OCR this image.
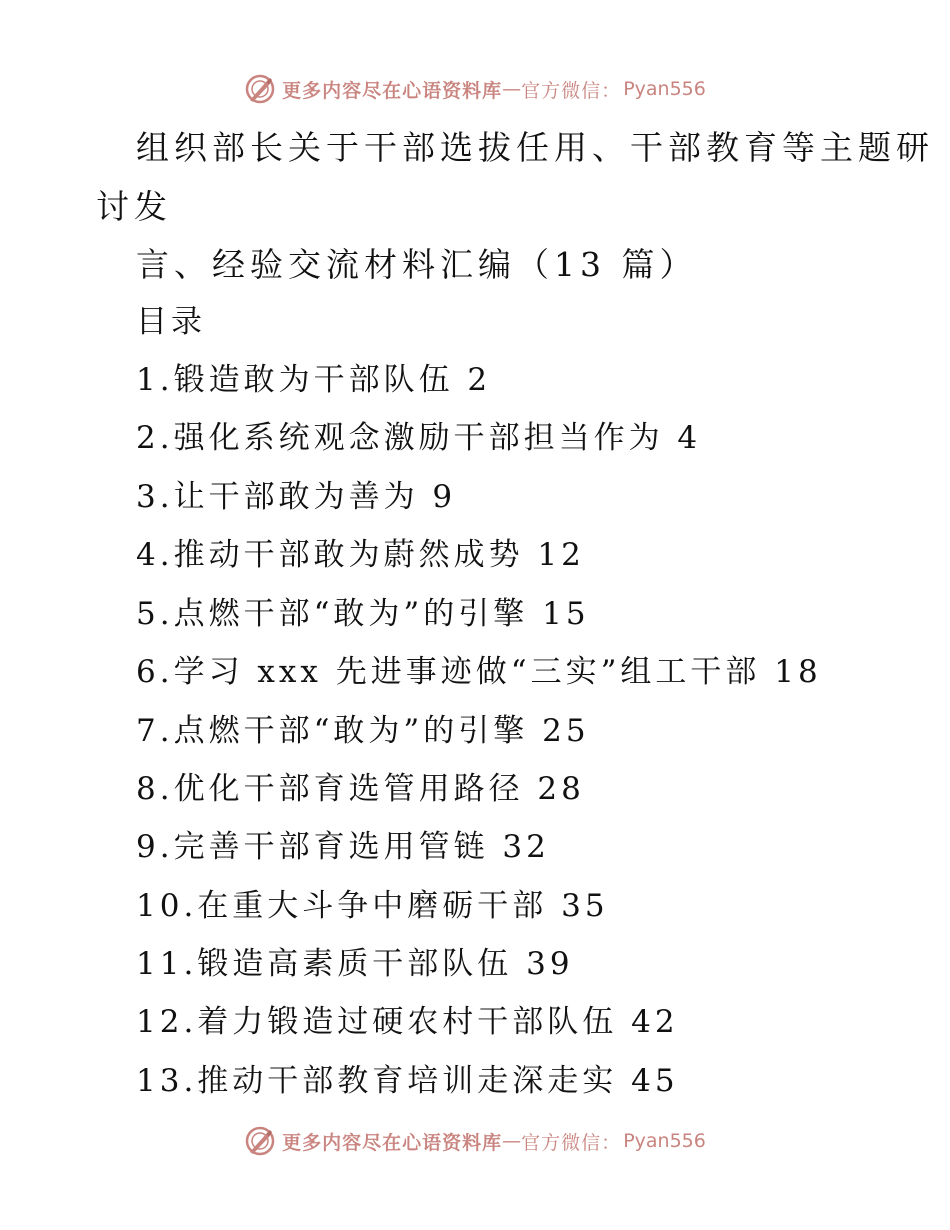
更多内容尽在心语资料库 — 官方微信： Pyan556
组织部长关于干部选拔任用、干部教育等主题研
讨发
言、经验交流材料汇编（13 篇）
目录
1.锻造敢为干部队伍 2
2.强化系统观念激励干部担当作为 4
3.让干部敢为善为 9
4.推动干部敢为蔚然成势 12
5.点燃干部“敢为”的引擎 15
6.学习 xxx 先进事迹做“三实”组工干部 18
7.点燃干部“敢为”的引擎 25
8.优化干部育选管用路径 28
9.完善干部育选用管链 32
10.在重大斗争中磨砺干部 35
11.锻造高素质干部队伍 39
12.着力锻造过硬农村干部队伍 42
13.推动干部教育培训走深走实 45
更多内容尽在心语资料库 — 官方微信： Pyan556
